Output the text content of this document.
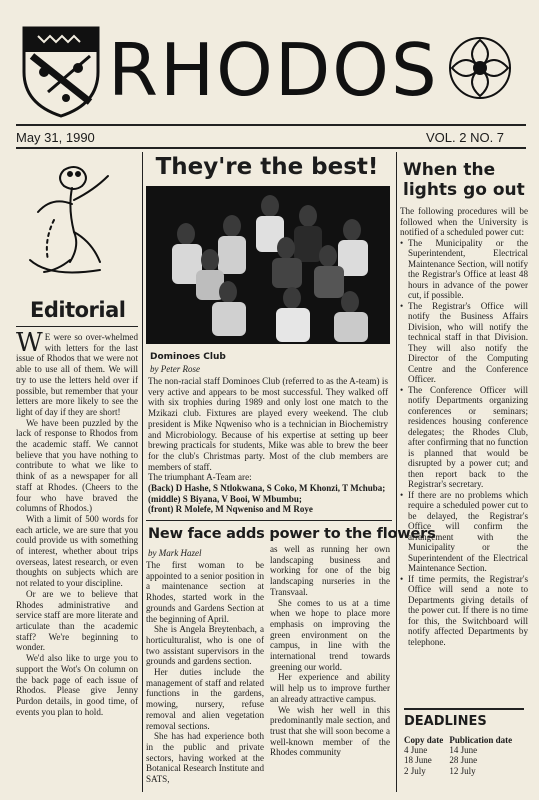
RHODOS
May 31, 1990	VOL. 2 NO. 7
Editorial

W E were so over-whelmed with letters for the last issue of Rhodos that we were not able to use all of them. We will try to use the letters held over if possible, but remember that your letters are more likely to see the light of day if they are short!

We have been puzzled by the lack of response to Rhodos from the academic staff. We cannot believe that you have nothing to contribute to what we like to think of as a newspaper for all staff at Rhodes. (Cheers to the four who have braved the columns of Rhodos.)

With a limit of 500 words for each article, we are sure that you could provide us with something of interest, whether about trips overseas, latest research, or even thoughts on subjects which are not related to your discipline.

Or are we to believe that Rhodes administrative and service staff are more literate and articulate than the academic staff? We're beginning to wonder.

We'd also like to urge you to support the Wot's On column on the back page of each issue of Rhodos. Please give Jenny Purdon details, in good time, of events you plan to hold.

They're the best!
Dominoes Club
by Peter Rose

The non-racial staff Dominoes Club (referred to as the A-team) is very active and appears to be most successful. They walked off with six trophies during 1989 and only lost one match to the Mzikazi club. Fixtures are played every weekend. The club president is Mike Nqweniso who is a technician in Biochemistry and Microbiology. Because of his expertise at setting up beer brewing practicals for students, Mike was able to brew the beer for the club's Christmas party. Most of the club members are members of staff.

The triumphant A-Team are:

(Back) D Hashe, S Ntlokwana, S Coko, M Khonzi, T Mchuba;
(middle) S Biyana, V Booi, W Mbumbu;
(front) R Molefe, M Nqweniso and M Roye

New face adds power to the flowers
by Mark Hazel

The first woman to be appointed to a senior position in a maintenance section at Rhodes, started work in the grounds and Gardens Section at the beginning of April.

She is Angela Breytenbach, a horticulturalist, who is one of two assistant supervisors in the grounds and gardens section.

Her duties include the management of staff and related functions in the gardens, mowing, nursery, refuse removal and alien vegetation removal sections.

She has had experience both in the public and private sectors, having worked at the Botanical Research Institute and SATS,

as well as running her own landscaping business and working for one of the big landscaping nurseries in the Transvaal.

She comes to us at a time when we hope to place more emphasis on improving the green environment on the campus, in line with the international trend towards greening our world.

Her experience and ability will help us to improve further an already attractive campus.

We wish her well in this predominantly male section, and trust that she will soon become a well-known member of the Rhodes community

When the lights go out

The following procedures will be followed when the University is notified of a scheduled power cut:

• The Municipality or the Superintendent, Electrical Maintenance Section, will notify the Registrar's Office at least 48 hours in advance of the power cut, if possible.
• The Registrar's Office will notify the Business Affairs Division, who will notify the technical staff in that Division. They will also notify the Director of the Computing Centre and the Conference Officer.
• The Conference Officer will notify Departments organizing conferences or seminars; residences housing conference delegates; the Rhodes Club, after confirming that no function is planned that would be disrupted by a power cut; and then report back to the Registrar's secretary.
• If there are no problems which require a scheduled power cut to be delayed, the Registrar's Office will confirm the arrangement with the Municipality or the Superintendent of the Electrical Maintenance Section.
• If time permits, the Registrar's Office will send a note to Departments giving details of the power cut. If there is no time for this, the Switchboard will notify affected Departments by telephone.
DEADLINES
Copy date	Publication date
4 June	14 June
18 June	28 June
2 July	12 July
